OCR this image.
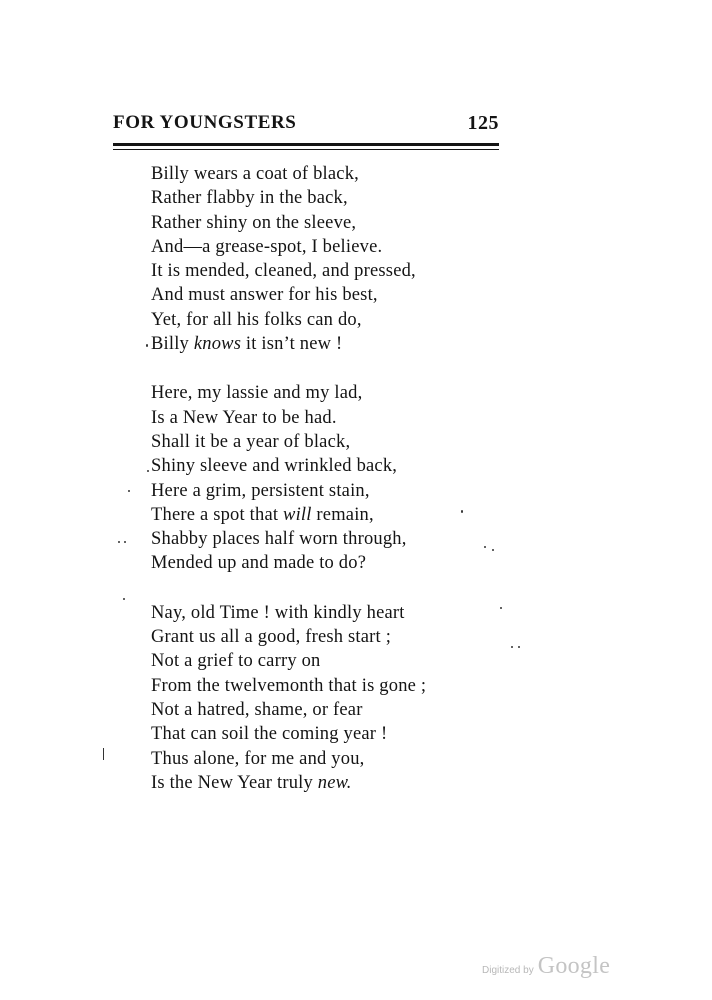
FOR YOUNGSTERS	125
Billy wears a coat of black,
Rather flabby in the back,
Rather shiny on the sleeve,
And—a grease-spot, I believe.
It is mended, cleaned, and pressed,
And must answer for his best,
Yet, for all his folks can do,
Billy knows it isn’t new !
Here, my lassie and my lad,
Is a New Year to be had.
Shall it be a year of black,
Shiny sleeve and wrinkled back,
Here a grim, persistent stain,
There a spot that will remain,
Shabby places half worn through,
Mended up and made to do?
Nay, old Time ! with kindly heart
Grant us all a good, fresh start ;
Not a grief to carry on
From the twelvemonth that is gone ;
Not a hatred, shame, or fear
That can soil the coming year !
Thus alone, for me and you,
Is the New Year truly new.
Digitized by Google
